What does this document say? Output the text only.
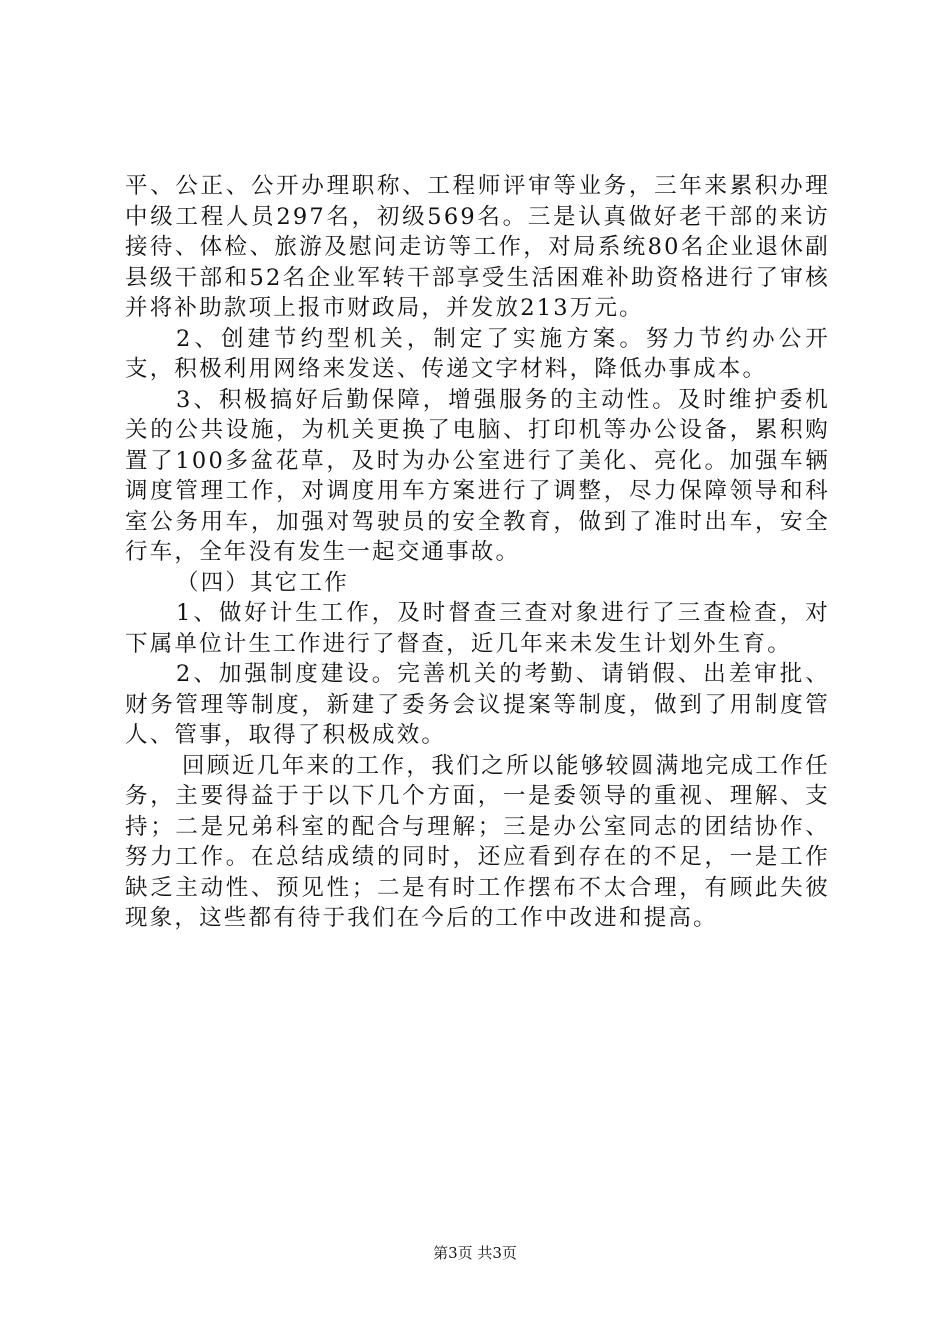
平、公正、公开办理职称、工程师评审等业务，三年来累积办理中级工程人员297名，初级569名。三是认真做好老干部的来访接待、体检、旅游及慰问走访等工作，对局系统80名企业退休副县级干部和52名企业军转干部享受生活困难补助资格进行了审核并将补助款项上报市财政局，并发放213万元。

2、创建节约型机关，制定了实施方案。努力节约办公开支，积极利用网络来发送、传递文字材料，降低办事成本。

3、积极搞好后勤保障，增强服务的主动性。及时维护委机关的公共设施，为机关更换了电脑、打印机等办公设备，累积购置了100多盆花草，及时为办公室进行了美化、亮化。加强车辆调度管理工作，对调度用车方案进行了调整，尽力保障领导和科室公务用车，加强对驾驶员的安全教育，做到了准时出车，安全行车，全年没有发生一起交通事故。

（四）其它工作

1、做好计生工作，及时督查三查对象进行了三查检查，对下属单位计生工作进行了督查，近几年来未发生计划外生育。

2、加强制度建设。完善机关的考勤、请销假、出差审批、财务管理等制度，新建了委务会议提案等制度，做到了用制度管人、管事，取得了积极成效。

回顾近几年来的工作，我们之所以能够较圆满地完成工作任务，主要得益于于以下几个方面，一是委领导的重视、理解、支持；二是兄弟科室的配合与理解；三是办公室同志的团结协作、努力工作。在总结成绩的同时，还应看到存在的不足，一是工作缺乏主动性、预见性；二是有时工作摆布不太合理，有顾此失彼现象，这些都有待于我们在今后的工作中改进和提高。

第3页 共3页
